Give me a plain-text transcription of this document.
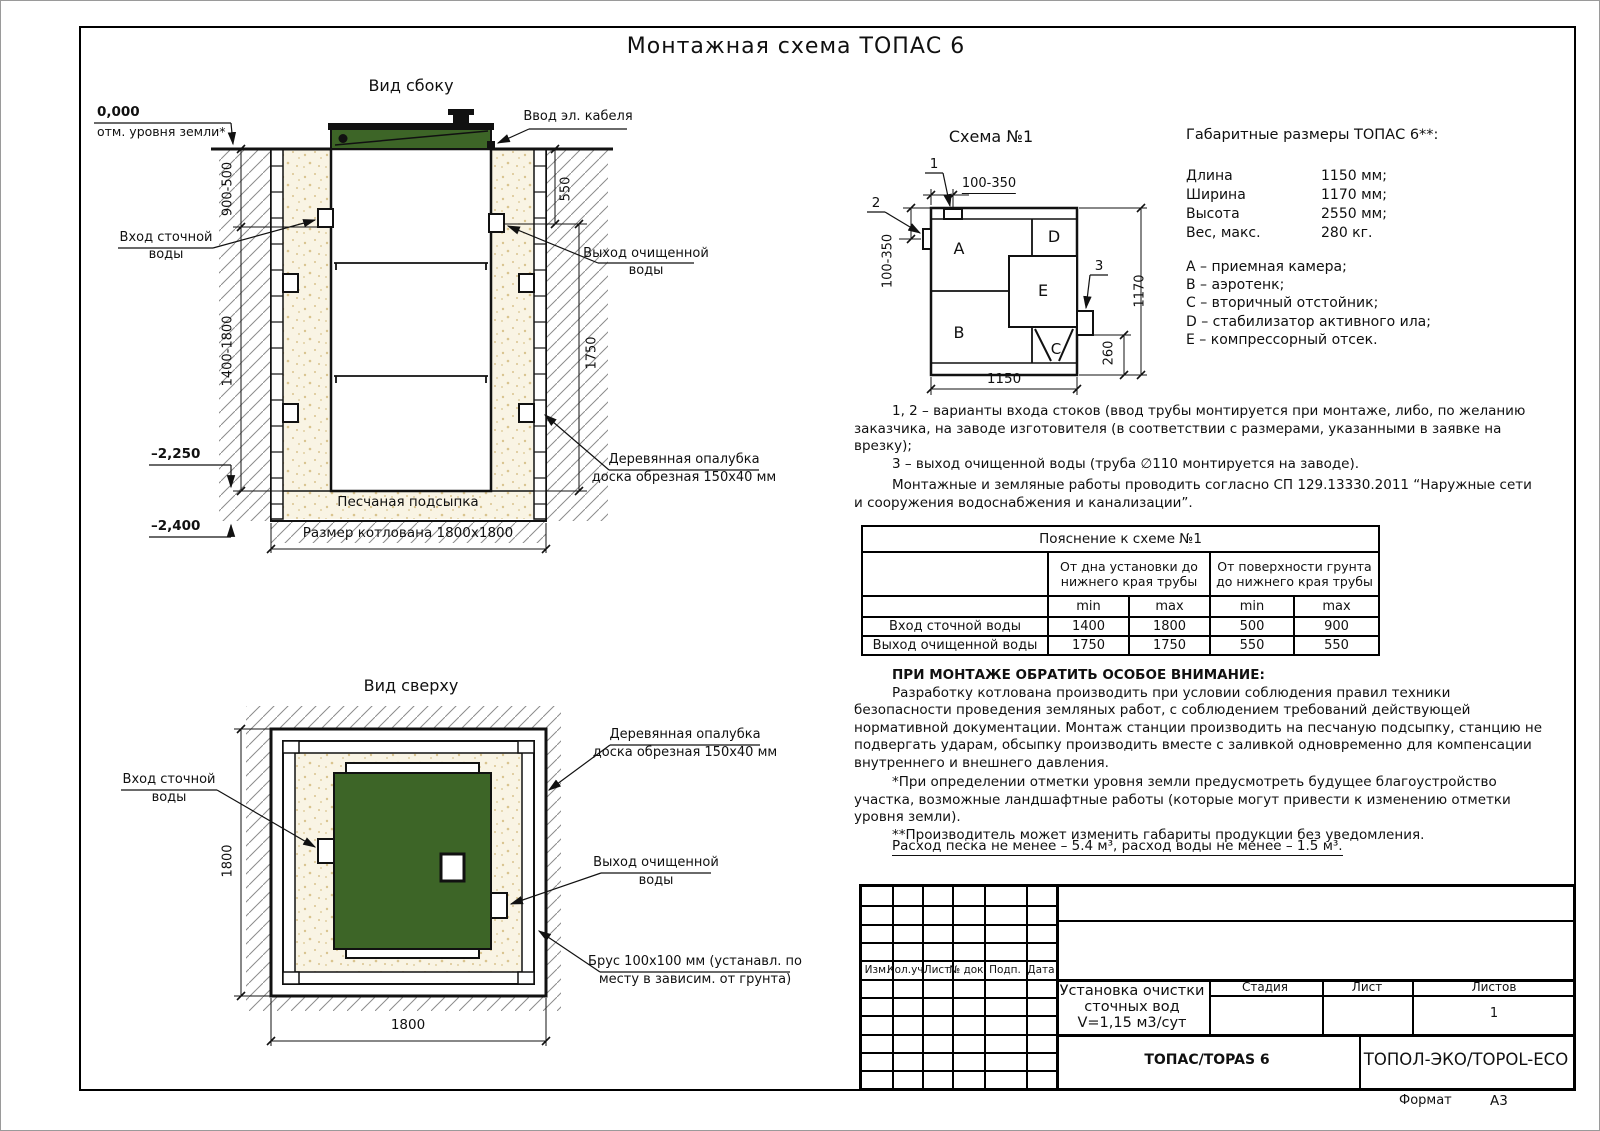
Монтажная схема ТОПАС 6
Вид сбоку
0,000
отм. уровня земли*
Ввод эл. кабеля
Вход сточной
воды	Выход очищенной
воды
Деревянная опалубка
доска обрезная 150х40 мм
Песчаная подсыпка
Размер котлована 1800х1800
–2,250
–2,400
900-500
1400-1800
550
1750
Вид сверху
Вход сточной
воды
Выход очищенной
воды
Деревянная опалубка
доска обрезная 150х40 мм
Брус 100х100 мм (устанавл. по
месту в зависим. от грунта)
1800
1800
Схема №1
A
B
D
E
C
1
2
3
100-350
100-350
1150
1170
260
Габаритные размеры ТОПАС 6**:
Длина	1150 мм;
Ширина	1170 мм;
Высота	2550 мм;
Вес, макс.	280 кг.
A – приемная камера;
B – аэротенк;
C – вторичный отстойник;
D – стабилизатор активного ила;
E – компрессорный отсек.
1, 2 – варианты входа стоков (ввод трубы монтируется при монтаже, либо, по желанию заказчика, на заводе изготовителя (в соответствии с размерами, указанными в заявке на врезку);
3 – выход очищенной воды (труба ∅110 монтируется на заводе).
Монтажные и земляные работы проводить согласно СП 129.13330.2011 “Наружные сети и сооружения водоснабжения и канализации”.
Пояснение к схеме №1				
	От дна установки до нижнего края трубы		От поверхности грунта до нижнего края трубы	
	min	max	min	max
Вход сточной воды	1400	1800	500	900
Выход очищенной воды	1750	1750	550	550
ПРИ МОНТАЖЕ ОБРАТИТЬ ОСОБОЕ ВНИМАНИЕ:
Разработку котлована производить при условии соблюдения правил техники безопасности проведения земляных работ, с соблюдением требований действующей нормативной документации. Монтаж станции производить на песчаную подсыпку, станцию не подвергать ударам, обсыпку производить вместе с заливкой одновременно для компенсации внутреннего и внешнего давления.
*При определении отметки уровня земли предусмотреть будущее благоустройство участка, возможные ландшафтные работы (которые могут привести к изменению отметки уровня земли).
**Производитель может изменить габариты продукции без уведомления.
Расход песка не менее – 5.4 м³, расход воды не менее – 1.5 м³.
Изм.
Кол.уч.
Лист
№ док. Подп. Дата
Установка очистки
сточных вод
V=1,15 м3/сут
Стадия	Лист	Листов
1
ТОПАС/TOPAS 6	ТОПОЛ-ЭКО/TOPOL-ECO
Формат	А3
